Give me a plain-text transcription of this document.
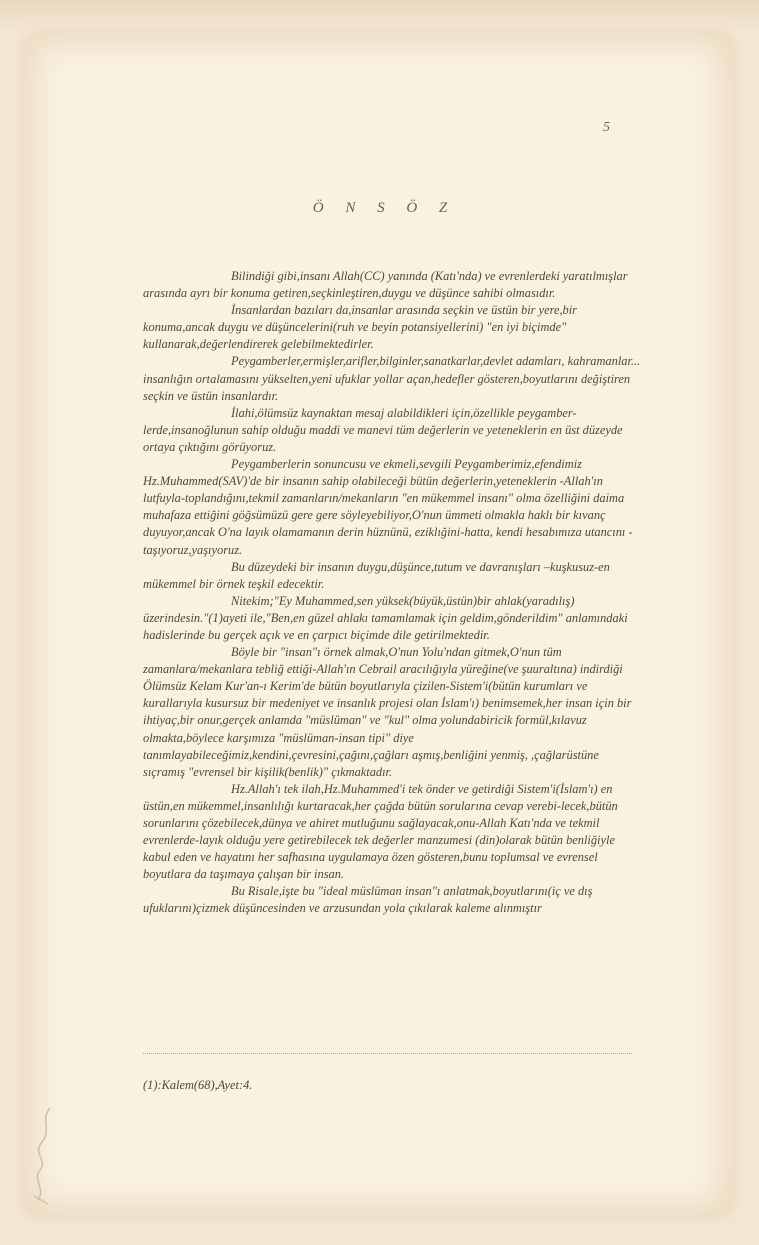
5
Ö N S Ö Z

Bilindiği gibi,insanı Allah(CC) yanında (Katı'nda) ve evrenlerdeki yaratılmışlar arasında ayrı bir konuma getiren,seçkinleştiren,duygu ve düşünce sahibi olmasıdır.

İnsanlardan bazıları da,insanlar arasında seçkin ve üstün bir yere,bir konuma,ancak duygu ve düşüncelerini(ruh ve beyin potansiyellerini) "en iyi biçimde" kullanarak,değerlendirerek gelebilmektedirler.

Peygamberler,ermişler,arifler,bilginler,sanatkarlar,devlet adamları, kahramanlar... insanlığın ortalamasını yükselten,yeni ufuklar yollar açan,hedefler gösteren,boyutlarını değiştiren seçkin ve üstün insanlardır.

İlahi,ölümsüz kaynaktan mesaj alabildikleri için,özellikle peygamber-lerde,insanoğlunun sahip olduğu maddi ve manevi tüm değerlerin ve yeteneklerin en üst düzeyde ortaya çıktığını görüyoruz.

Peygamberlerin sonuncusu ve ekmeli,sevgili Peygamberimiz,efendimiz Hz.Muhammed(SAV)'de bir insanın sahip olabileceği bütün değerlerin,yeteneklerin -Allah'ın lutfuyla-toplandığını,tekmil zamanların/mekanların "en mükemmel insanı" olma özelliğini daima muhafaza ettiğini göğsümüzü gere gere söyleyebiliyor,O'nun ümmeti olmakla haklı bir kıvanç duyuyor,ancak O'na layık olamamanın derin hüznünü, eziklığini-hatta, kendi hesabımıza utancını -taşıyoruz,yaşıyoruz.

Bu düzeydeki bir insanın duygu,düşünce,tutum ve davranışları –kuşkusuz-en mükemmel bir örnek teşkil edecektir.

Nitekim;"Ey Muhammed,sen yüksek(büyük,üstün)bir ahlak(yaradılış) üzerindesin."(1)ayeti ile,"Ben,en güzel ahlakı tamamlamak için geldim,gönderildim" anlamındaki hadislerinde bu gerçek açık ve en çarpıcı biçimde dile getirilmektedir.

Böyle bir "insan"ı örnek almak,O'nun Yolu'ndan gitmek,O'nun tüm zamanlara/mekanlara tebliğ ettiği-Allah'ın Cebrail aracılığıyla yüreğine(ve şuuraltına) indirdiği Ölümsüz Kelam Kur'an-ı Kerim'de bütün boyutlarıyla çizilen-Sistem'i(bütün kurumları ve kurallarıyla kusursuz bir medeniyet ve insanlık projesi olan İslam'ı) benimsemek,her insan için bir ihtiyaç,bir onur,gerçek anlamda "müslüman" ve "kul" olma yolundabiricik formül,kılavuz olmakta,böylece karşımıza "müslüman-insan tipi" diye tanımlayabileceğimiz,kendini,çevresini,çağını,çağları aşmış,benliğini yenmiş, ,çağlarüstüne sıçramış "evrensel bir kişilik(benlik)" çıkmaktadır.

Hz.Allah'ı tek ilah,Hz.Muhammed'i tek önder ve getirdiği Sistem'i(İslam'ı) en üstün,en mükemmel,insanlılığı kurtaracak,her çağda bütün sorularına cevap verebi-lecek,bütün sorunlarını çözebilecek,dünya ve ahiret mutluğunu sağlayacak,onu-Allah Katı'nda ve tekmil evrenlerde-layık olduğu yere getirebilecek tek değerler manzumesi (din)olarak bütün benliğiyle kabul eden ve hayatını her safhasına uygulamaya özen gösteren,bunu toplumsal ve evrensel boyutlara da taşımaya çalışan bir insan.

Bu Risale,işte bu "ideal müslüman insan"ı anlatmak,boyutlarını(iç ve dış ufuklarını)çizmek düşüncesinden ve arzusundan yola çıkılarak kaleme alınmıştır

(1):Kalem(68),Ayet:4.
